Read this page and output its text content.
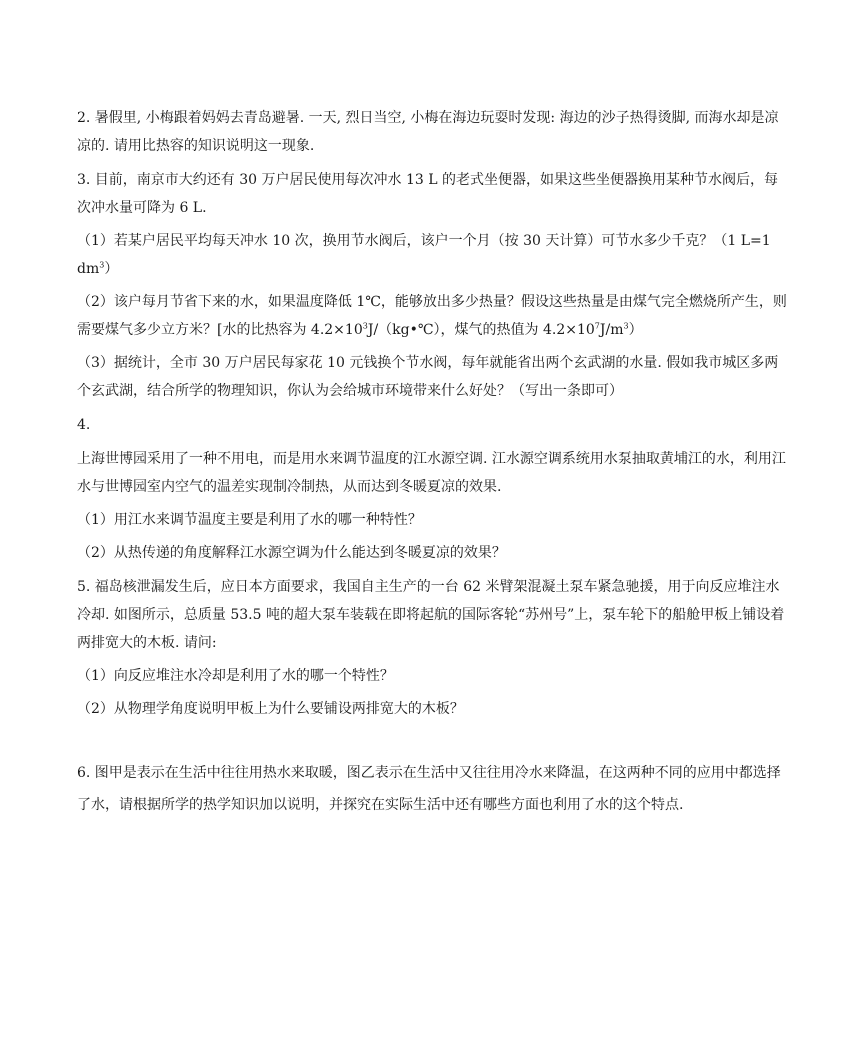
2. 暑假里, 小梅跟着妈妈去青岛避暑. 一天, 烈日当空, 小梅在海边玩耍时发现: 海边的沙子热得烫脚, 而海水却是凉凉的. 请用比热容的知识说明这一现象.

3. 目前，南京市大约还有 30 万户居民使用每次冲水 13 L 的老式坐便器，如果这些坐便器换用某种节水阀后，每次冲水量可降为 6 L.

（1）若某户居民平均每天冲水 10 次，换用节水阀后，该户一个月（按 30 天计算）可节水多少千克？（1 L=1 $dm^3$）

（2）该户每月节省下来的水，如果温度降低 1℃，能够放出多少热量？假设这些热量是由煤气完全燃烧所产生，则需要煤气多少立方米？[水的比热容为 $4.2\times 10^3J/(kg•℃)$，煤气的热值为 $4.2\times 10^7J/m^3$）

（3）据统计，全市 30 万户居民每家花 10 元钱换个节水阀，每年就能省出两个玄武湖的水量. 假如我市城区多两个玄武湖，结合所学的物理知识，你认为会给城市环境带来什么好处？（写出一条即可）

4.

上海世博园采用了一种不用电，而是用水来调节温度的江水源空调. 江水源空调系统用水泵抽取黄埔江的水，利用江水与世博园室内空气的温差实现制冷制热，从而达到冬暖夏凉的效果.

（1）用江水来调节温度主要是利用了水的哪一种特性？

（2）从热传递的角度解释江水源空调为什么能达到冬暖夏凉的效果？

5. 福岛核泄漏发生后，应日本方面要求，我国自主生产的一台 62 米臂架混凝土泵车紧急驰援，用于向反应堆注水冷却. 如图所示，总质量 53.5 吨的超大泵车装载在即将起航的国际客轮“苏州号”上，泵车轮下的船舱甲板上铺设着两排宽大的木板. 请问:

（1）向反应堆注水冷却是利用了水的哪一个特性？

（2）从物理学角度说明甲板上为什么要铺设两排宽大的木板？

6. 图甲是表示在生活中往往用热水来取暖，图乙表示在生活中又往往用冷水来降温，在这两种不同的应用中都选择了水，请根据所学的热学知识加以说明，并探究在实际生活中还有哪些方面也利用了水的这个特点.
